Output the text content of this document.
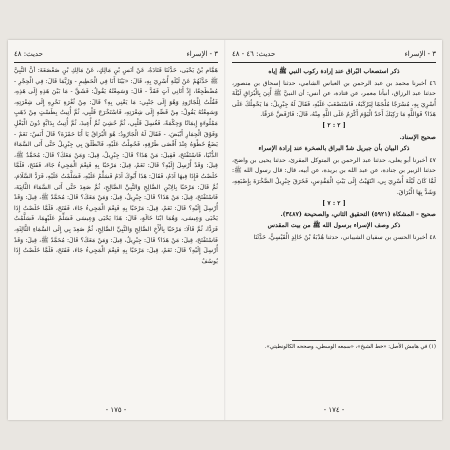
٣ - الإسراء
حديث: ٤٨

هَمَّام بْنُ يَحْيَى، حَدَّثَنَا قَتَادَةُ، عَنْ أَنَسِ بْنِ مَالِكٍ، عَنْ مَالِكِ بْنِ صَعْصَعَةَ: أَنَّ النَّبِيَّ ﷺ حَدَّثَهُمْ عَنْ لَيْلَةِ أُسْرِيَ بِهِ، قَالَ: «بَيْنَا أَنَا فِي الْحَطِيمِ - وَرُبَّمَا قَالَ: فِي الْحِجْرِ - مُضْطَجِعًا، إِذْ أَتَانِي آتٍ فَقَدَّ - قَالَ: وَسَمِعْتُهُ يَقُولُ: فَشَقَّ - مَا بَيْنَ هَذِهِ إِلَى هَذِهِ، فَقُلْتُ لِلْجَارُودِ وَهُوَ إِلَى جَنْبِي: مَا يَعْنِي بِهِ؟ قَالَ: مِنْ ثُغْرَةِ نَحْرِهِ إِلَى شِعْرَتِهِ، وَسَمِعْتُهُ يَقُولُ: مِنْ قَصِّهِ إِلَى شِعْرَتِهِ، فَاسْتَخْرَجَ قَلْبِي، ثُمَّ أُتِيتُ بِطَسْتٍ مِنْ ذَهَبٍ مَمْلُوءَةٍ إِيمَانًا وَحِكْمَةً، فَغُسِلَ قَلْبِي، ثُمَّ حُشِيَ ثُمَّ أُعِيدَ، ثُمَّ أُتِيتُ بِدَابَّةٍ دُونَ الْبَغْلِ وَفَوْقَ الْحِمَارِ أَبْيَضَ، - فَقَالَ لَهُ الْجَارُودُ: هُوَ الْبُرَاقُ يَا أَبَا حَمْزَةَ؟ قَالَ أَنَسٌ: نَعَمْ - يَضَعُ خَطْوَهُ عِنْدَ أَقْصَى طَرْفِهِ، فَحُمِلْتُ عَلَيْهِ، فَانْطَلَقَ بِي جِبْرِيلُ حَتَّى أَتَى السَّمَاءَ الدُّنْيَا، فَاسْتَفْتَحَ، فَقِيلَ: مَنْ هَذَا؟ قَالَ: جِبْرِيلُ، قِيلَ: وَمَنْ مَعَكَ؟ قَالَ: مُحَمَّدٌ ﷺ، قِيلَ: وَقَدْ أُرْسِلَ إِلَيْهِ؟ قَالَ: نَعَمْ، قِيلَ: مَرْحَبًا بِهِ فَنِعْمَ الْمَجِيءُ جَاءَ، فَفَتَحَ، فَلَمَّا خَلَصْتُ فَإِذَا فِيهَا آدَمُ، فَقَالَ: هَذَا أَبُوكَ آدَمُ فَسَلِّمْ عَلَيْهِ، فَسَلَّمْتُ عَلَيْهِ، فَرَدَّ السَّلَامَ، ثُمَّ قَالَ: مَرْحَبًا بِالِابْنِ الصَّالِحِ وَالنَّبِيِّ الصَّالِحِ، ثُمَّ صَعِدَ حَتَّى أَتَى السَّمَاءَ الثَّانِيَةَ، فَاسْتَفْتَحَ، قِيلَ: مَنْ هَذَا؟ قَالَ: جِبْرِيلُ، قِيلَ: وَمَنْ مَعَكَ؟ قَالَ: مُحَمَّدٌ ﷺ، قِيلَ: وَقَدْ أُرْسِلَ إِلَيْهِ؟ قَالَ: نَعَمْ، قِيلَ: مَرْحَبًا بِهِ فَنِعْمَ الْمَجِيءُ جَاءَ، فَفَتَحَ، فَلَمَّا خَلَصْتُ إِذَا يَحْيَى وَعِيسَى، وَهُمَا ابْنَا خَالَةٍ، قَالَ: هَذَا يَحْيَى وَعِيسَى فَسَلِّمْ عَلَيْهِمَا، فَسَلَّمْتُ فَرَدَّا، ثُمَّ قَالَا: مَرْحَبًا بِالْأَخِ الصَّالِحِ وَالنَّبِيِّ الصَّالِحِ، ثُمَّ صَعِدَ بِي إِلَى السَّمَاءِ الثَّالِثَةِ، فَاسْتَفْتَحَ، قِيلَ: مَنْ هَذَا؟ قَالَ: جِبْرِيلُ، قِيلَ: وَمَنْ مَعَكَ؟ قَالَ: مُحَمَّدٌ ﷺ، قِيلَ: وَقَدْ أُرْسِلَ إِلَيْهِ؟ قَالَ: نَعَمْ، قِيلَ: مَرْحَبًا بِهِ فَنِعْمَ الْمَجِيءُ جَاءَ، فَفَتَحَ، فَلَمَّا خَلَصْتُ إِذَا يُوسُفُ

- ١٧٥ -
٣ - الإسراء
حديث: ٤٦ - ٤٨

ذكر استصعاب البُراق عند إرادة ركوب النبي ﷺ إياه

٤٦ أخبرنا محمد بن عبد الرحمن بن العباس الشامي، حدثنا إسحاق بن منصور، حدثنا عبد الرزاق، أنبأنا معمر، عن قتادة، عن أنس: أن النبيَّ ﷺ أُتِيَ بِالْبُرَاقِ لَيْلَةَ أُسْرِيَ بِهِ، مُسْرَجًا مُلْجَمًا لِيَرْكَبَهُ، فَاسْتَصْعَبَ عَلَيْهِ، فَقَالَ لَهُ جِبْرِيلُ: مَا يَحْمِلُكَ عَلَى هَذَا؟ فَوَاللَّهِ مَا رَكِبَكَ أَحَدٌ الْيَوْمَ أَكْرَمُ عَلَى اللَّهِ مِنْهُ، قَالَ: فَارْفَضَّ عَرَقًا.

[ ٢ : ٢ ]

صحيح الإسناد.

ذكر البيان بأن جبريل شدّ البراق بالصخرة عند إرادة الإسراء

٤٧ أخبرنا أبو يعلى، حدثنا عبد الرحمن بن المتوكل المقرئ، حدثنا يحيى بن واضح، حدثنا الزبير بن جنادة، عن عبد الله بن بريدة، عن أبيه، قال: قال رسول الله ﷺ: لَمَّا كَانَ لَيْلَةَ أُسْرِيَ بِي، انْتَهَيْتُ إِلَى بَيْتِ الْمَقْدِسِ، فَخَرَقَ جِبْرِيلُ الصَّخْرَةَ بِإِصْبَعِهِ، وَشَدَّ بِهَا الْبُرَاقَ.

[ ٢ : ٧ ]

صحيح - المشكاة (٥٩٢١) التحقيق الثاني، والصحيحة (٣٤٨٧).

ذكر وصف الإسراء برسول الله ﷺ من بيت المقدس

٤٨ أخبرنا الحسن بن سفيان الشيباني، حدثنا هُدْبَةُ بْنُ خَالِدٍ الْقَيْسِيُّ، حَدَّثَنَا

(١) في هامش الأصل: «خط الشيخ»، «سمعه الوسطي، وصححه الكالونطيتي».
- ١٧٤ -
